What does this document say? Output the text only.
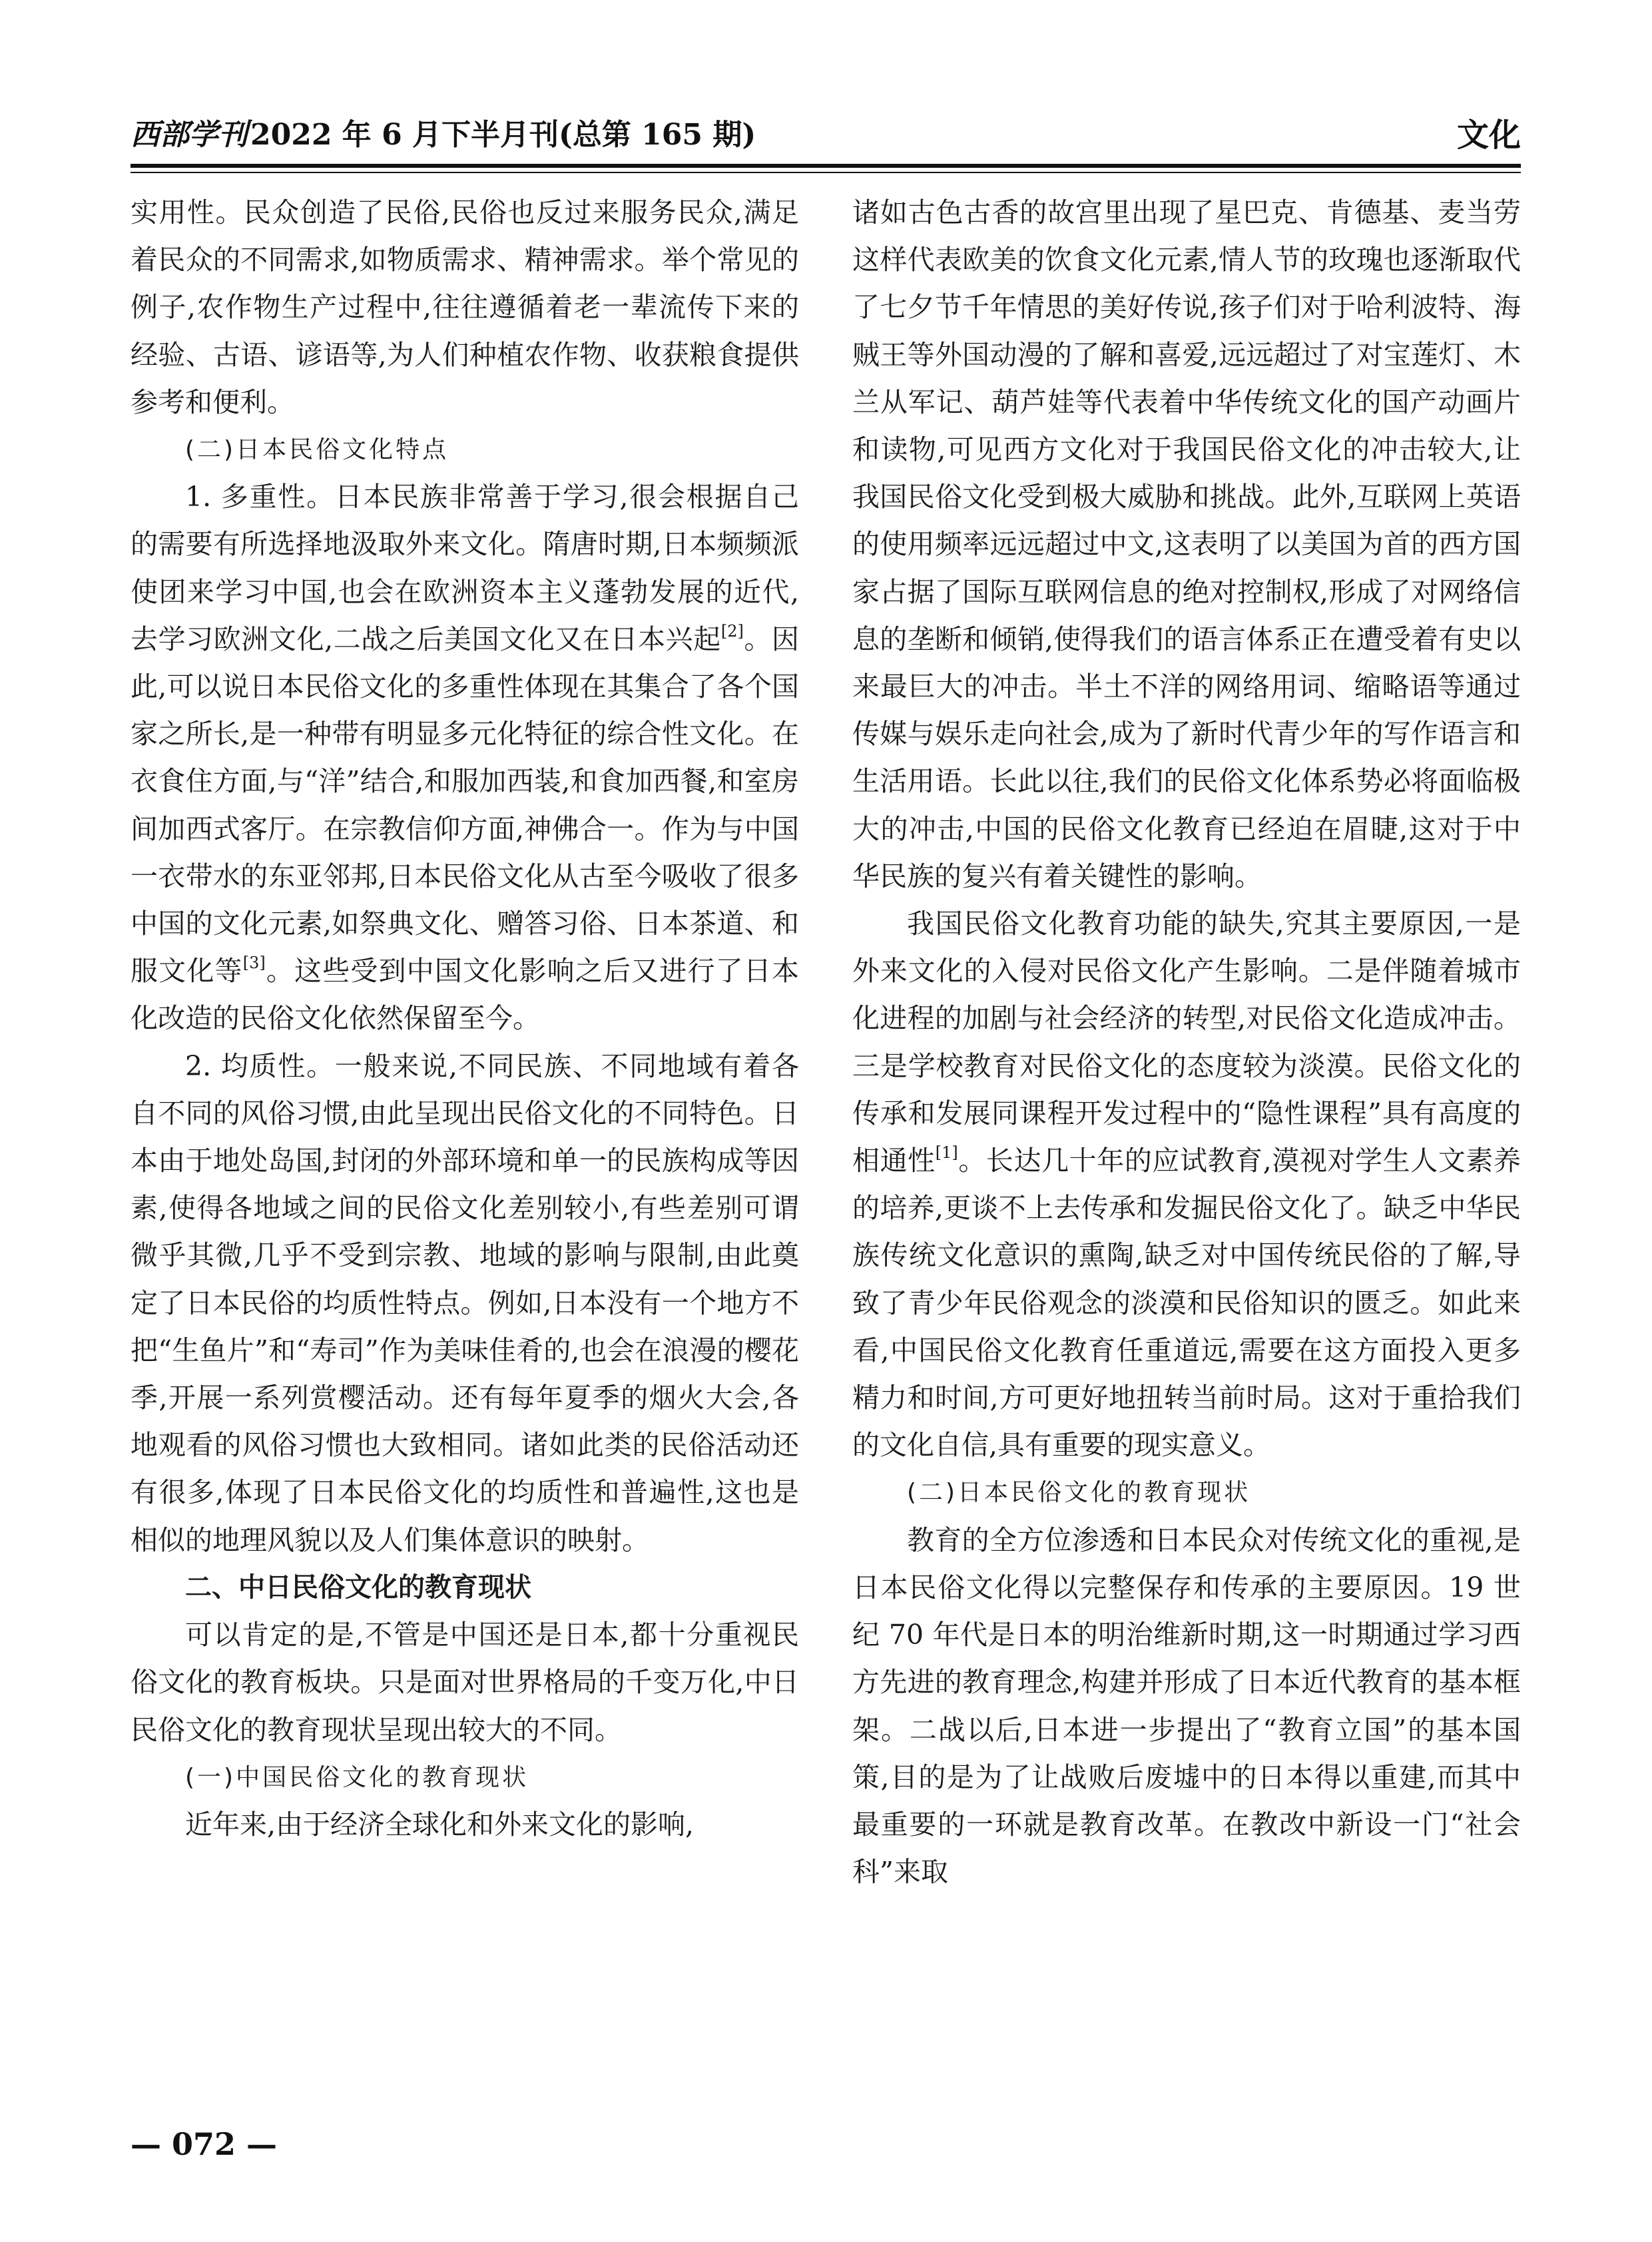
西部学刊2022 年 6 月下半月刊(总第 165 期)	文化

实用性。民众创造了民俗,民俗也反过来服务民众,满足着民众的不同需求,如物质需求、精神需求。举个常见的例子,农作物生产过程中,往往遵循着老一辈流传下来的经验、古语、谚语等,为人们种植农作物、收获粮食提供参考和便利。

(二)日本民俗文化特点

1. 多重性。日本民族非常善于学习,很会根据自己的需要有所选择地汲取外来文化。隋唐时期,日本频频派使团来学习中国,也会在欧洲资本主义蓬勃发展的近代,去学习欧洲文化,二战之后美国文化又在日本兴起[2]。因此,可以说日本民俗文化的多重性体现在其集合了各个国家之所长,是一种带有明显多元化特征的综合性文化。在衣食住方面,与“洋”结合,和服加西装,和食加西餐,和室房间加西式客厅。在宗教信仰方面,神佛合一。作为与中国一衣带水的东亚邻邦,日本民俗文化从古至今吸收了很多中国的文化元素,如祭典文化、赠答习俗、日本茶道、和服文化等[3]。这些受到中国文化影响之后又进行了日本化改造的民俗文化依然保留至今。

2. 均质性。一般来说,不同民族、不同地域有着各自不同的风俗习惯,由此呈现出民俗文化的不同特色。日本由于地处岛国,封闭的外部环境和单一的民族构成等因素,使得各地域之间的民俗文化差别较小,有些差别可谓微乎其微,几乎不受到宗教、地域的影响与限制,由此奠定了日本民俗的均质性特点。例如,日本没有一个地方不把“生鱼片”和“寿司”作为美味佳肴的,也会在浪漫的樱花季,开展一系列赏樱活动。还有每年夏季的烟火大会,各地观看的风俗习惯也大致相同。诸如此类的民俗活动还有很多,体现了日本民俗文化的均质性和普遍性,这也是相似的地理风貌以及人们集体意识的映射。

二、中日民俗文化的教育现状

可以肯定的是,不管是中国还是日本,都十分重视民俗文化的教育板块。只是面对世界格局的千变万化,中日民俗文化的教育现状呈现出较大的不同。

(一)中国民俗文化的教育现状

近年来,由于经济全球化和外来文化的影响,

诸如古色古香的故宫里出现了星巴克、肯德基、麦当劳这样代表欧美的饮食文化元素,情人节的玫瑰也逐渐取代了七夕节千年情思的美好传说,孩子们对于哈利波特、海贼王等外国动漫的了解和喜爱,远远超过了对宝莲灯、木兰从军记、葫芦娃等代表着中华传统文化的国产动画片和读物,可见西方文化对于我国民俗文化的冲击较大,让我国民俗文化受到极大威胁和挑战。此外,互联网上英语的使用频率远远超过中文,这表明了以美国为首的西方国家占据了国际互联网信息的绝对控制权,形成了对网络信息的垄断和倾销,使得我们的语言体系正在遭受着有史以来最巨大的冲击。半土不洋的网络用词、缩略语等通过传媒与娱乐走向社会,成为了新时代青少年的写作语言和生活用语。长此以往,我们的民俗文化体系势必将面临极大的冲击,中国的民俗文化教育已经迫在眉睫,这对于中华民族的复兴有着关键性的影响。

我国民俗文化教育功能的缺失,究其主要原因,一是外来文化的入侵对民俗文化产生影响。二是伴随着城市化进程的加剧与社会经济的转型,对民俗文化造成冲击。三是学校教育对民俗文化的态度较为淡漠。民俗文化的传承和发展同课程开发过程中的“隐性课程”具有高度的相通性[1]。长达几十年的应试教育,漠视对学生人文素养的培养,更谈不上去传承和发掘民俗文化了。缺乏中华民族传统文化意识的熏陶,缺乏对中国传统民俗的了解,导致了青少年民俗观念的淡漠和民俗知识的匮乏。如此来看,中国民俗文化教育任重道远,需要在这方面投入更多精力和时间,方可更好地扭转当前时局。这对于重拾我们的文化自信,具有重要的现实意义。

(二)日本民俗文化的教育现状

教育的全方位渗透和日本民众对传统文化的重视,是日本民俗文化得以完整保存和传承的主要原因。19 世纪 70 年代是日本的明治维新时期,这一时期通过学习西方先进的教育理念,构建并形成了日本近代教育的基本框架。二战以后,日本进一步提出了“教育立国”的基本国策,目的是为了让战败后废墟中的日本得以重建,而其中最重要的一环就是教育改革。在教改中新设一门“社会科”来取

— 072 —
